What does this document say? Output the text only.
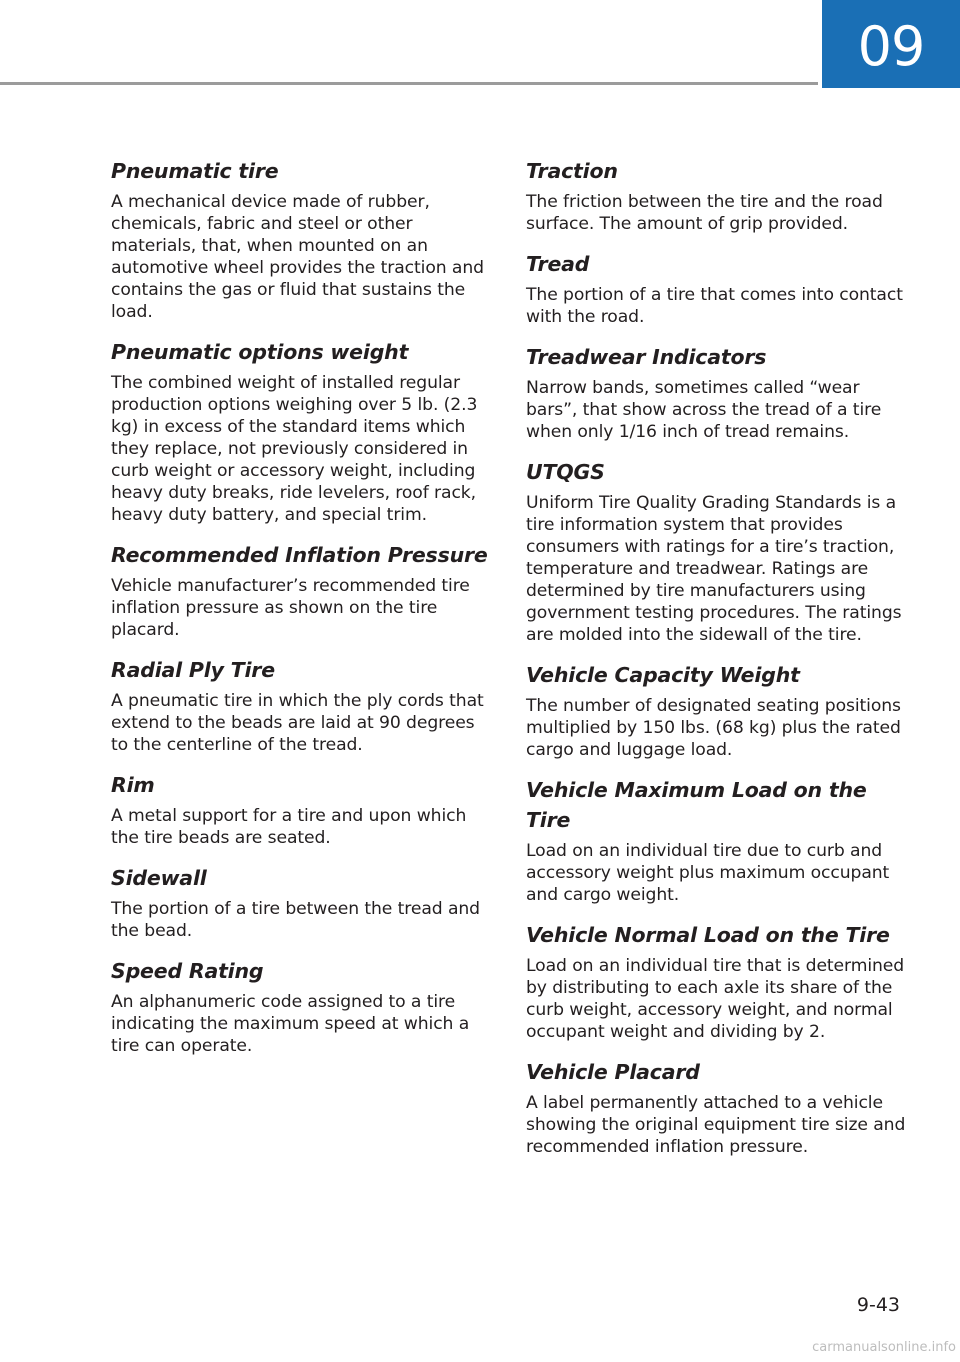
09
Pneumatic tire

A mechanical device made of rubber, chemicals, fabric and steel or other materials, that, when mounted on an automotive wheel provides the traction and contains the gas or fluid that sustains the load.

Pneumatic options weight

The combined weight of installed regular production options weighing over 5 lb. (2.3 kg) in excess of the standard items which they replace, not previously considered in curb weight or accessory weight, including heavy duty breaks, ride levelers, roof rack, heavy duty battery, and special trim.

Recommended Inflation Pressure

Vehicle manufacturer’s recommended tire inflation pressure as shown on the tire placard.

Radial Ply Tire

A pneumatic tire in which the ply cords that extend to the beads are laid at 90 degrees to the centerline of the tread.

Rim

A metal support for a tire and upon which the tire beads are seated.

Sidewall

The portion of a tire between the tread and the bead.

Speed Rating

An alphanumeric code assigned to a tire indicating the maximum speed at which a tire can operate.

Traction

The friction between the tire and the road surface. The amount of grip provided.

Tread

The portion of a tire that comes into contact with the road.

Treadwear Indicators

Narrow bands, sometimes called “wear bars”, that show across the tread of a tire when only 1/16 inch of tread remains.

UTQGS

Uniform Tire Quality Grading Standards is a tire information system that provides consumers with ratings for a tire’s traction, temperature and treadwear. Ratings are determined by tire manufacturers using government testing procedures. The ratings are molded into the sidewall of the tire.

Vehicle Capacity Weight

The number of designated seating positions multiplied by 150 lbs. (68 kg) plus the rated cargo and luggage load.

Vehicle Maximum Load on the Tire

Load on an individual tire due to curb and accessory weight plus maximum occupant and cargo weight.

Vehicle Normal Load on the Tire

Load on an individual tire that is determined by distributing to each axle its share of the curb weight, accessory weight, and normal occupant weight and dividing by 2.

Vehicle Placard

A label permanently attached to a vehicle showing the original equipment tire size and recommended inflation pressure.

9-43
carmanualsonline.info
